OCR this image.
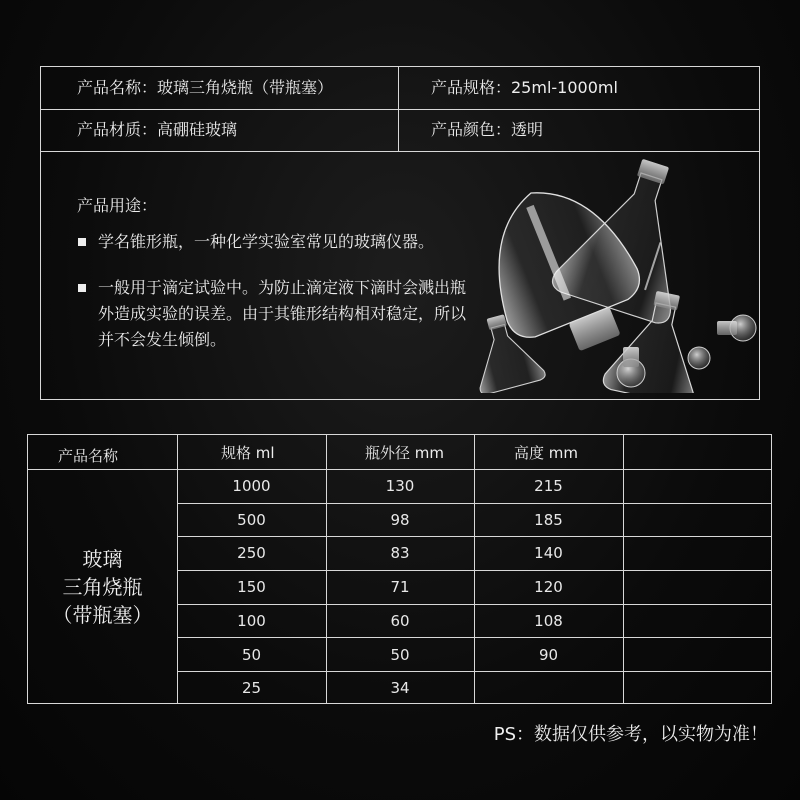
产品名称：玻璃三角烧瓶（带瓶塞）	产品规格：25ml-1000ml
产品材质：高硼硅玻璃	产品颜色：透明
产品用途：
学名锥形瓶，一种化学实验室常见的玻璃仪器。
一般用于滴定试验中。为防止滴定液下滴时会溅出瓶外造成实验的误差。由于其锥形结构相对稳定，所以并不会发生倾倒。
产品名称	规格 ml	瓶外径 mm	高度 mm
玻璃
三角烧瓶
（带瓶塞）
1000	130	215
500	98	185
250	83	140
150	71	120
100	60	108
50	50	90
25	34
PS：数据仅供参考，以实物为准！
